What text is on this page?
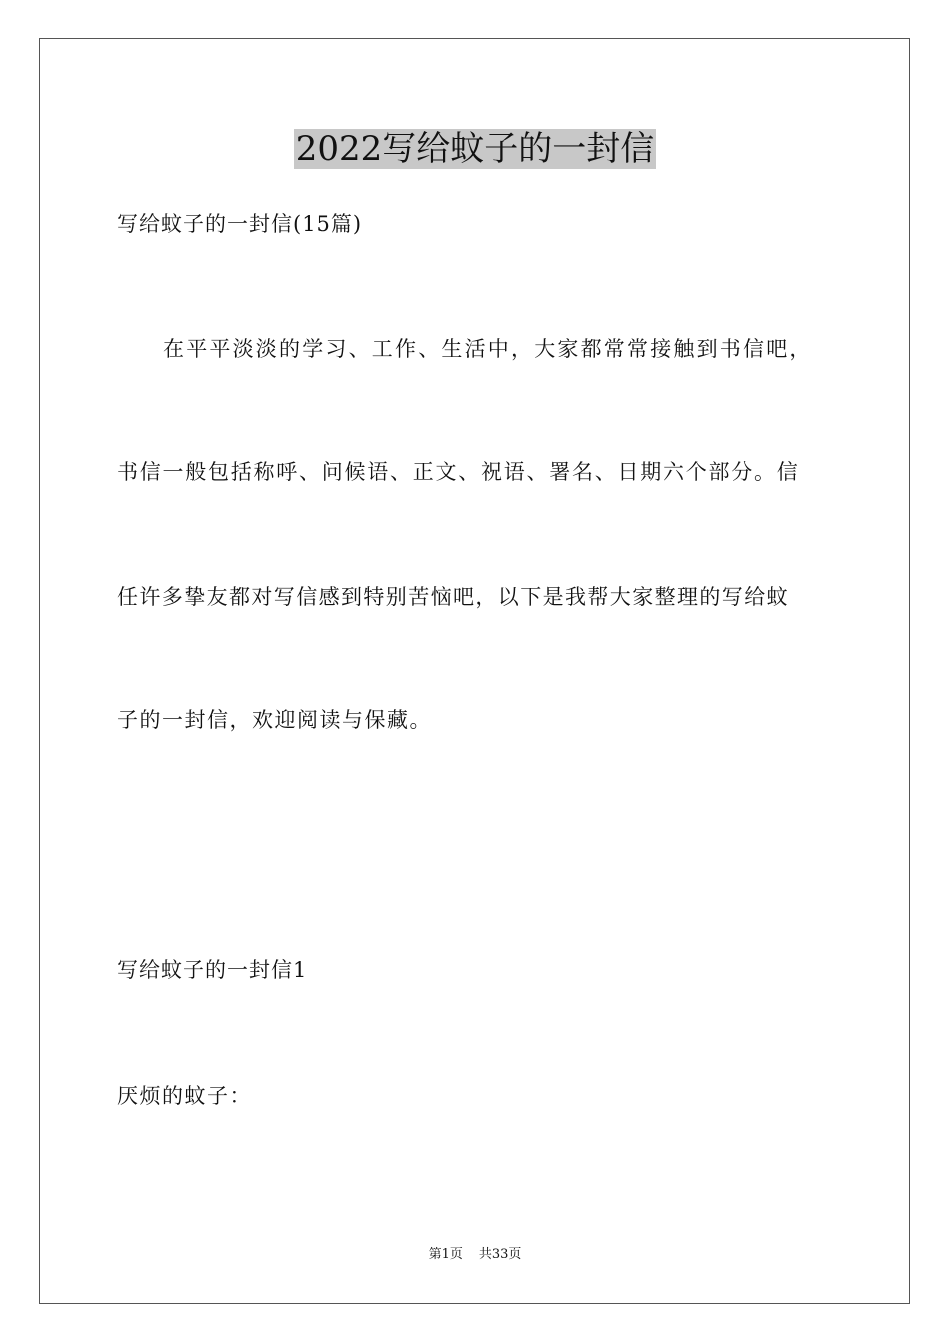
2022写给蚊子的一封信
写给蚊子的一封信(15篇)
在平平淡淡的学习、工作、生活中，大家都常常接触到书信吧，
书信一般包括称呼、问候语、正文、祝语、署名、日期六个部分。信
任许多挚友都对写信感到特别苦恼吧，以下是我帮大家整理的写给蚊
子的一封信，欢迎阅读与保藏。
写给蚊子的一封信1
厌烦的蚊子：
第1页 共33页
